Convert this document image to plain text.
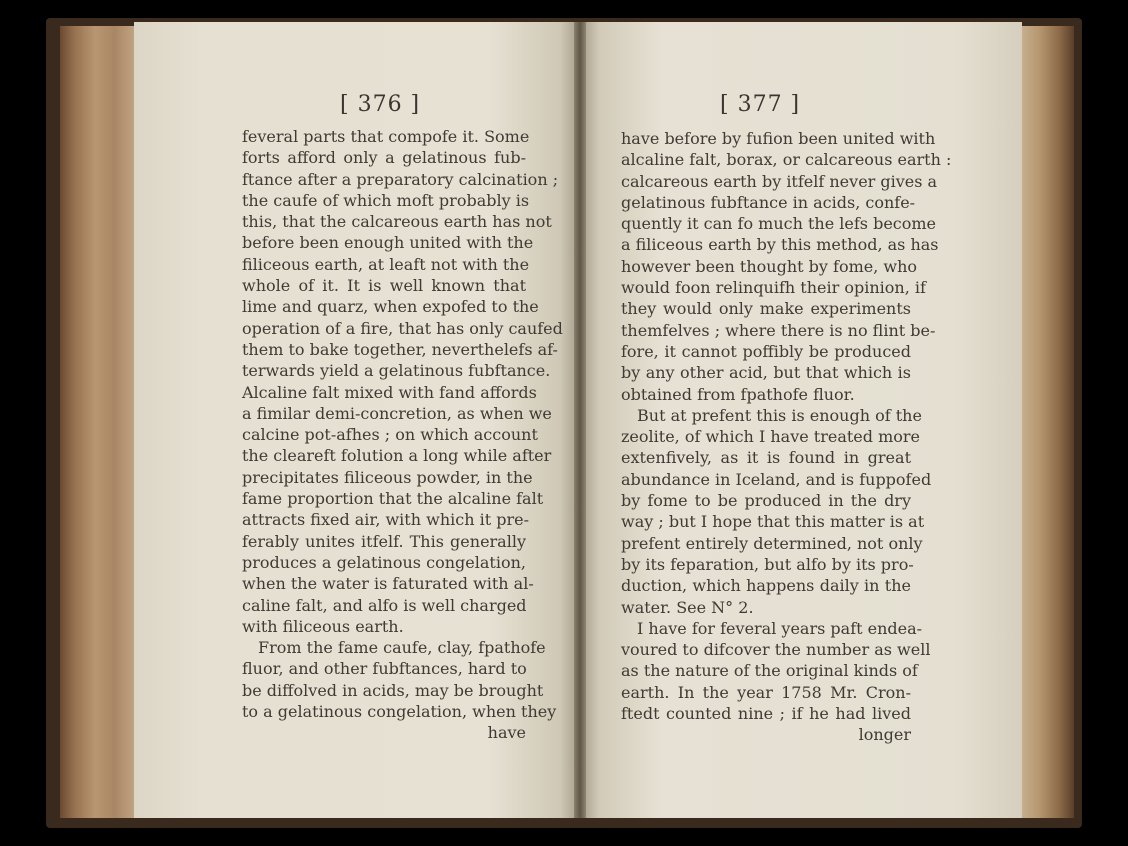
[ 376 ]	[ 377 ]
feveral parts that compofe it. Some
forts afford only a gelatinous fub-
ftance after a preparatory calcination ;
the caufe of which moft probably is
this, that the calcareous earth has not
before been enough united with the
filiceous earth, at leaft not with the
whole of it. It is well known that
lime and quarz, when expofed to the
operation of a fire, that has only caufed
them to bake together, neverthelefs af-
terwards yield a gelatinous fubftance.
Alcaline falt mixed with fand affords
a fimilar demi-concretion, as when we
calcine pot-afhes ; on which account
the cleareft folution a long while after
precipitates filiceous powder, in the
fame proportion that the alcaline falt
attracts fixed air, with which it pre-
ferably unites itfelf. This generally
produces a gelatinous congelation,
when the water is faturated with al-
caline falt, and alfo is well charged
with filiceous earth.
From the fame caufe, clay, fpathofe
fluor, and other fubftances, hard to
be diffolved in acids, may be brought
to a gelatinous congelation, when they
have
have before by fufion been united with
alcaline falt, borax, or calcareous earth :
calcareous earth by itfelf never gives a
gelatinous fubftance in acids, confe-
quently it can fo much the lefs become
a filiceous earth by this method, as has
however been thought by fome, who
would foon relinquifh their opinion, if
they would only make experiments
themfelves ; where there is no flint be-
fore, it cannot poffibly be produced
by any other acid, but that which is
obtained from fpathofe fluor.
But at prefent this is enough of the
zeolite, of which I have treated more
extenfively, as it is found in great
abundance in Iceland, and is fuppofed
by fome to be produced in the dry
way ; but I hope that this matter is at
prefent entirely determined, not only
by its feparation, but alfo by its pro-
duction, which happens daily in the
water. See N° 2.
I have for feveral years paft endea-
voured to difcover the number as well
as the nature of the original kinds of
earth. In the year 1758 Mr. Cron-
ftedt counted nine ; if he had lived
longer
